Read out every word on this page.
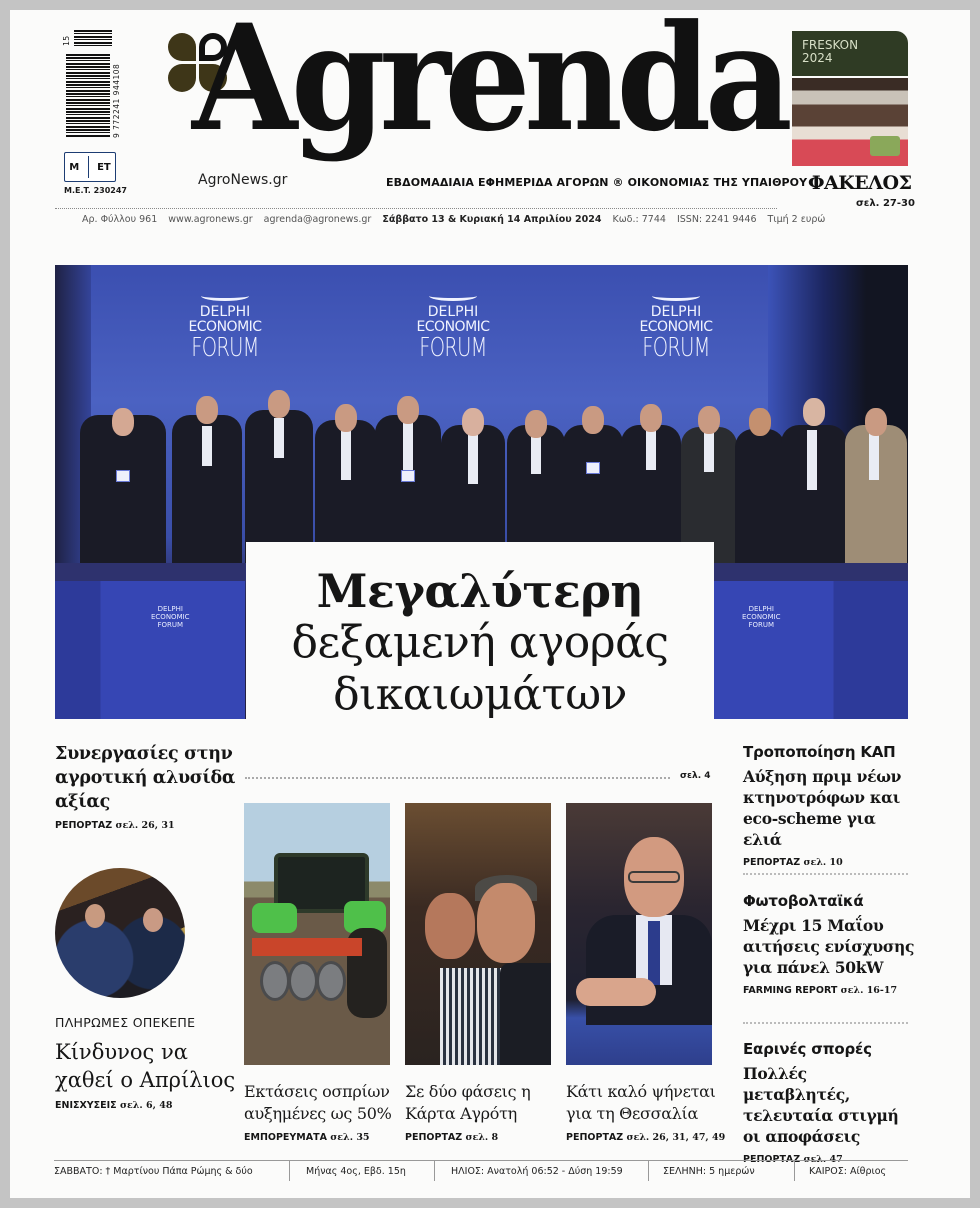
15
9 772241 944108
M ET
M.E.T. 230247
Agrenda
AgroNews.gr	ΕΒΔΟΜΑΔΙΑΙΑ ΕΦΗΜΕΡΙΔΑ ΑΓΟΡΩΝ ® ΟΙΚΟΝΟΜΙΑΣ ΤΗΣ ΥΠΑΙΘΡΟΥ
Αρ. Φύλλου 961 www.agronews.gr agrenda@agronews.gr Σάββατο 13 & Κυριακή 14 Απριλίου 2024 Κωδ.: 7744 ISSN: 2241 9446 Τιμή 2 ευρώ
FRESKON
2024
ΦΑΚΕΛΟΣ
σελ. 27-30
DELPHI
ECONOMIC
FORUM
DELPHI
ECONOMIC
FORUM
DELPHI
ECONOMIC
FORUM
DELPHI
ECONOMIC
FORUM
DELPHI
ECONOMIC
FORUM
Μεγαλύτερη
δεξαμενή αγοράς
δικαιωμάτων
σελ. 4
Συνεργασίες στην αγροτική αλυσίδα αξίας
ΡΕΠΟΡΤΑΖ σελ. 26, 31
ΠΛΗΡΩΜΕΣ ΟΠΕΚΕΠΕ
Κίνδυνος να χαθεί ο Απρίλιος
ΕΝΙΣΧΥΣΕΙΣ σελ. 6, 48
Τροποποίηση ΚΑΠ
Αύξηση πριμ νέων κτηνοτρόφων και eco-scheme για ελιά
ΡΕΠΟΡΤΑΖ σελ. 10
Φωτοβολταϊκά
Μέχρι 15 Μαΐου αιτήσεις ενίσχυσης για πάνελ 50kW
FARMING REPORT σελ. 16-17
Εαρινές σπορές
Πολλές μεταβλητές, τελευταία στιγμή οι αποφάσεις
ΡΕΠΟΡΤΑΖ σελ. 47
Εκτάσεις οσπρίων αυξημένες ως 50%
ΕΜΠΟΡΕΥΜΑΤΑ σελ. 35
Σε δύο φάσεις η Κάρτα Αγρότη
ΡΕΠΟΡΤΑΖ σελ. 8
Κάτι καλό ψήνεται για τη Θεσσαλία
ΡΕΠΟΡΤΑΖ σελ. 26, 31, 47, 49
ΣΑΒΒΑΤΟ: † Μαρτίνου Πάπα Ρώμης & δύο	Μήνας 4ος, Εβδ. 15η	ΗΛΙΟΣ: Ανατολή 06:52 - Δύση 19:59	ΣΕΛΗΝΗ: 5 ημερών	ΚΑΙΡΟΣ: Αίθριος
